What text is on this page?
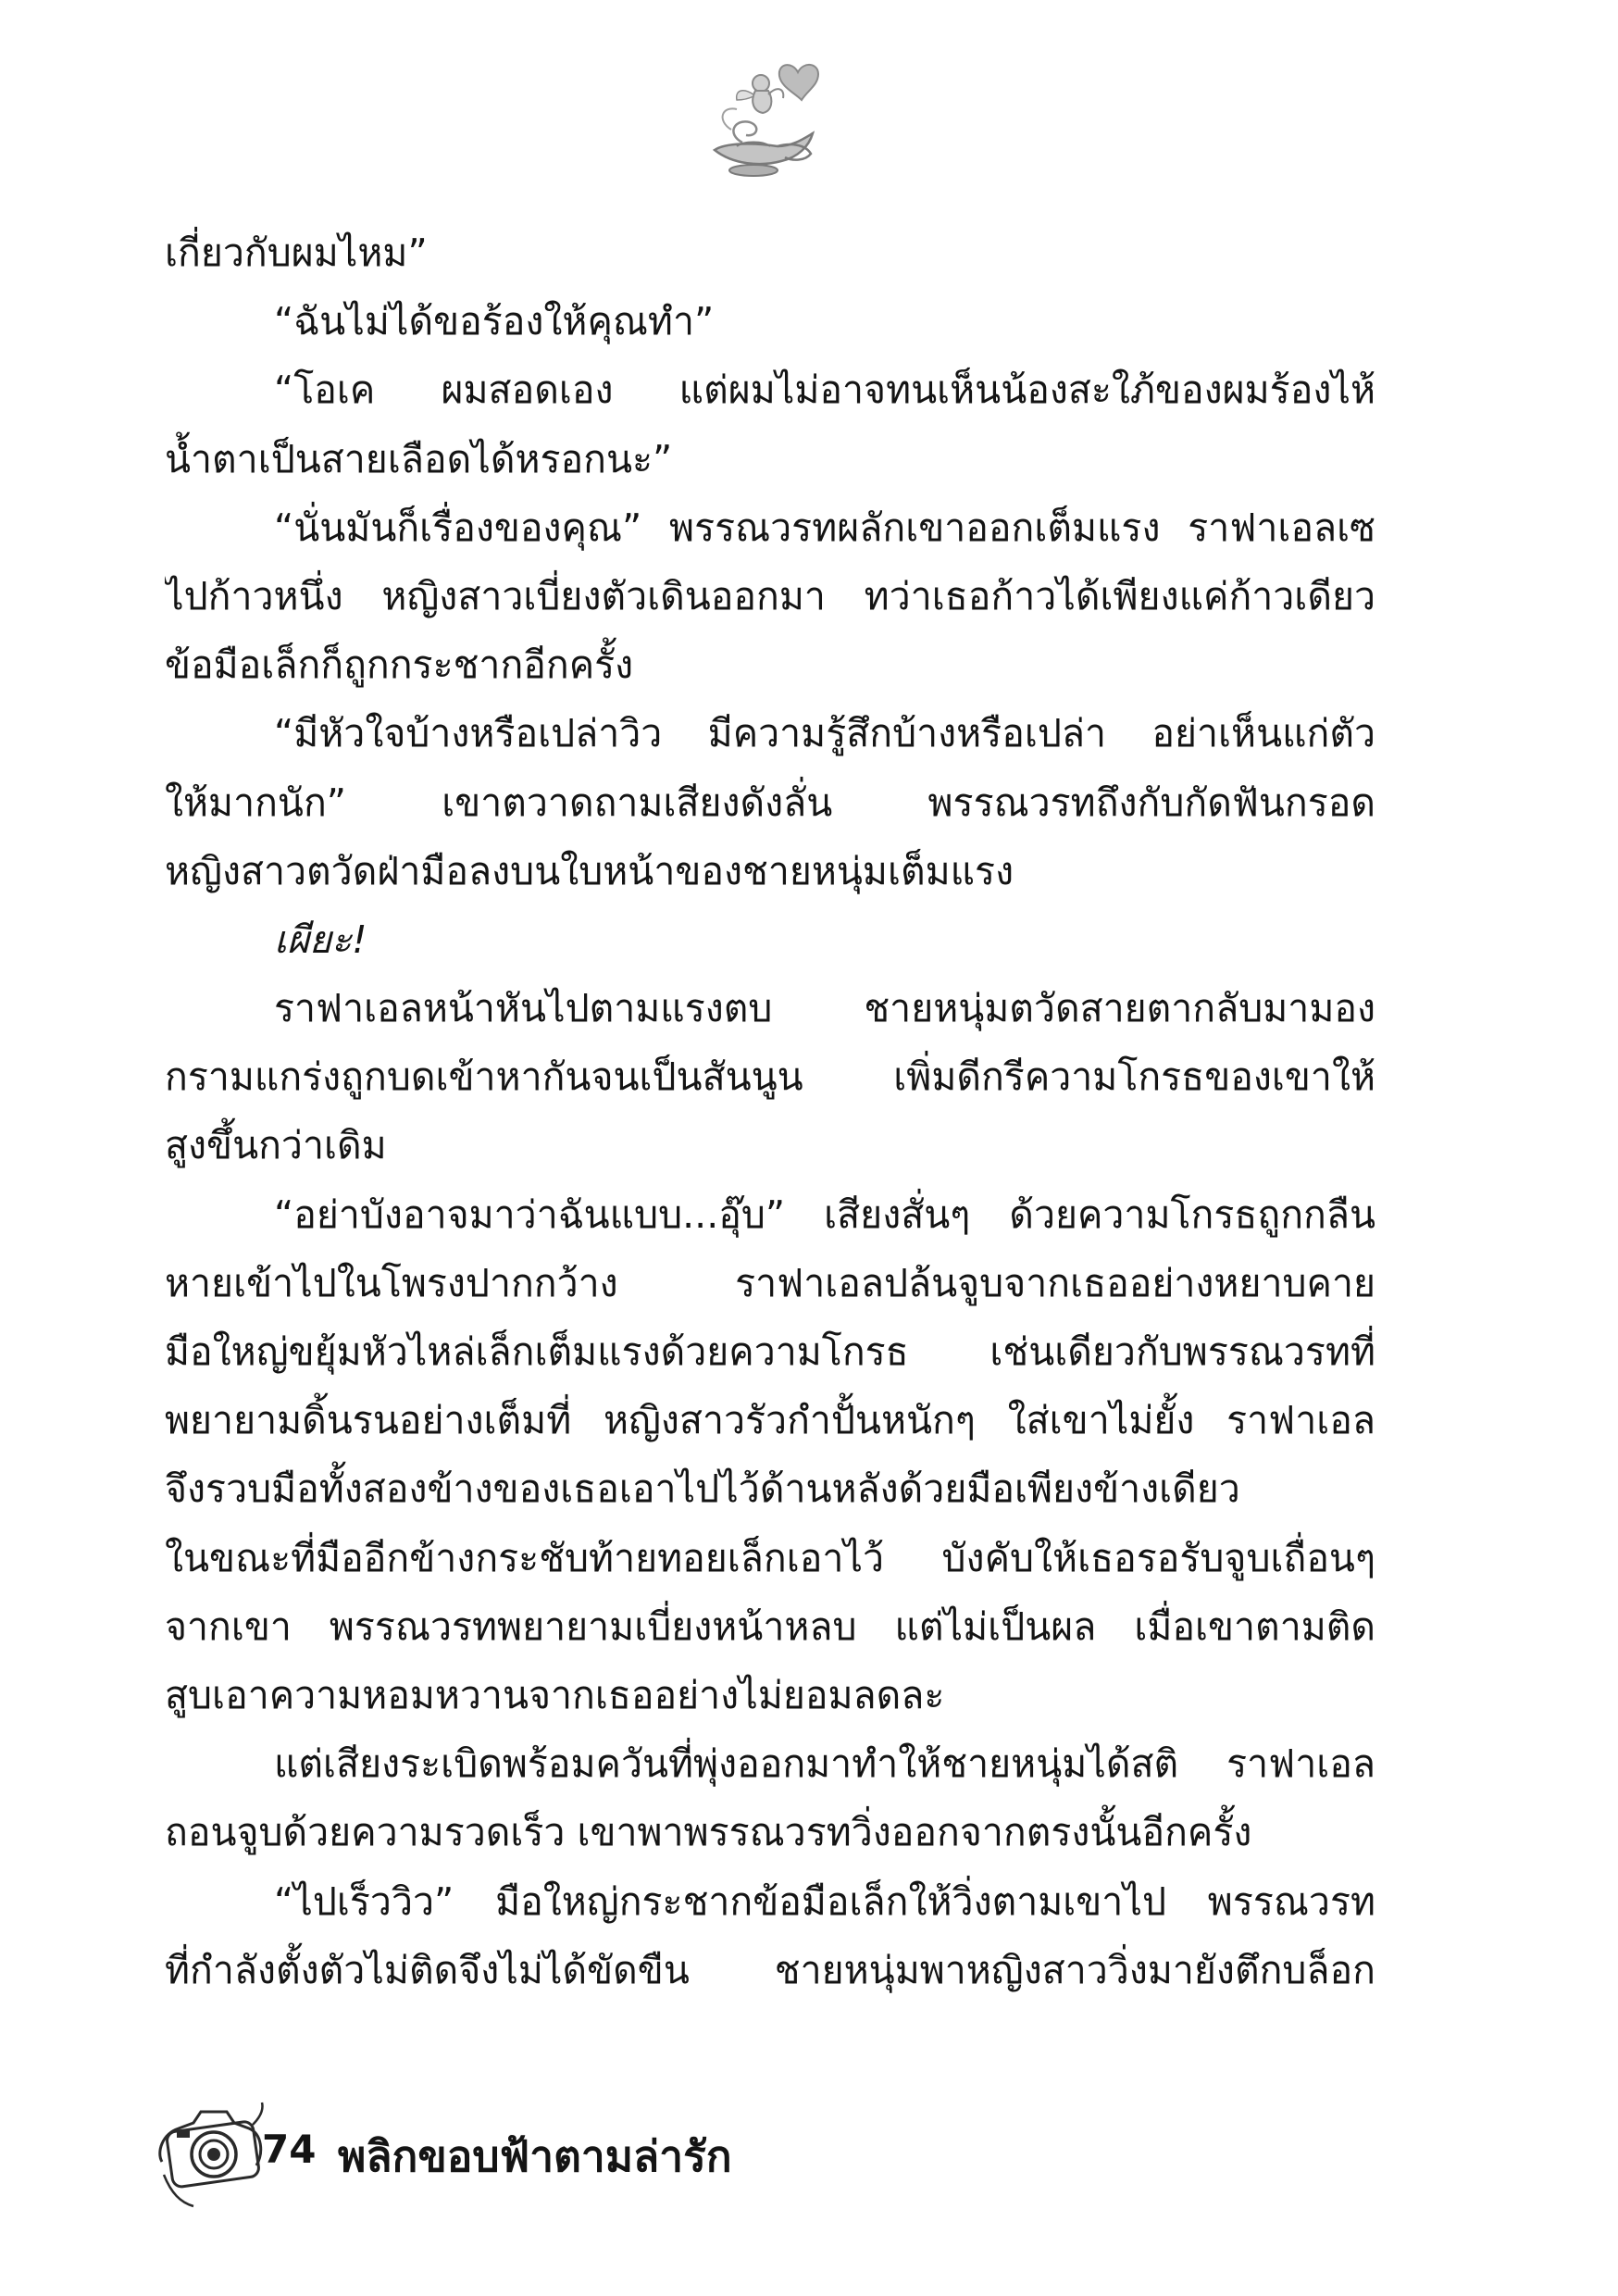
เกี่ยวกับผมไหม”
“ฉันไม่ได้ขอร้องให้คุณทำ”
“โอเค ผมสอดเอง แต่ผมไม่อาจทนเห็นน้องสะใภ้ของผมร้องไห้
น้ำตาเป็นสายเลือดได้หรอกนะ”
“นั่นมันก็เรื่องของคุณ” พรรณวรทผลักเขาออกเต็มแรง ราฟาเอลเซ
ไปก้าวหนึ่ง หญิงสาวเบี่ยงตัวเดินออกมา ทว่าเธอก้าวได้เพียงแค่ก้าวเดียว
ข้อมือเล็กก็ถูกกระชากอีกครั้ง
“มีหัวใจบ้างหรือเปล่าวิว มีความรู้สึกบ้างหรือเปล่า อย่าเห็นแก่ตัว
ให้มากนัก” เขาตวาดถามเสียงดังลั่น พรรณวรทถึงกับกัดฟันกรอด
หญิงสาวตวัดฝ่ามือลงบนใบหน้าของชายหนุ่มเต็มแรง
เผียะ!
ราฟาเอลหน้าหันไปตามแรงตบ ชายหนุ่มตวัดสายตากลับมามอง
กรามแกร่งถูกบดเข้าหากันจนเป็นสันนูน เพิ่มดีกรีความโกรธของเขาให้
สูงขึ้นกว่าเดิม
“อย่าบังอาจมาว่าฉันแบบ...อุ๊บ” เสียงสั่นๆ ด้วยความโกรธถูกกลืน
หายเข้าไปในโพรงปากกว้าง ราฟาเอลปล้นจูบจากเธออย่างหยาบคาย
มือใหญ่ขยุ้มหัวไหล่เล็กเต็มแรงด้วยความโกรธ เช่นเดียวกับพรรณวรทที่
พยายามดิ้นรนอย่างเต็มที่ หญิงสาวรัวกำปั้นหนักๆ ใส่เขาไม่ยั้ง ราฟาเอล
จึงรวบมือทั้งสองข้างของเธอเอาไปไว้ด้านหลังด้วยมือเพียงข้างเดียว
ในขณะที่มืออีกข้างกระชับท้ายทอยเล็กเอาไว้ บังคับให้เธอรอรับจูบเถื่อนๆ
จากเขา พรรณวรทพยายามเบี่ยงหน้าหลบ แต่ไม่เป็นผล เมื่อเขาตามติด
สูบเอาความหอมหวานจากเธออย่างไม่ยอมลดละ
แต่เสียงระเบิดพร้อมควันที่พุ่งออกมาทำให้ชายหนุ่มได้สติ ราฟาเอล
ถอนจูบด้วยความรวดเร็ว เขาพาพรรณวรทวิ่งออกจากตรงนั้นอีกครั้ง
“ไปเร็ววิว” มือใหญ่กระชากข้อมือเล็กให้วิ่งตามเขาไป พรรณวรท
ที่กำลังตั้งตัวไม่ติดจึงไม่ได้ขัดขืน ชายหนุ่มพาหญิงสาววิ่งมายังตึกบล็อก
74 พลิกขอบฟ้าตามล่ารัก
